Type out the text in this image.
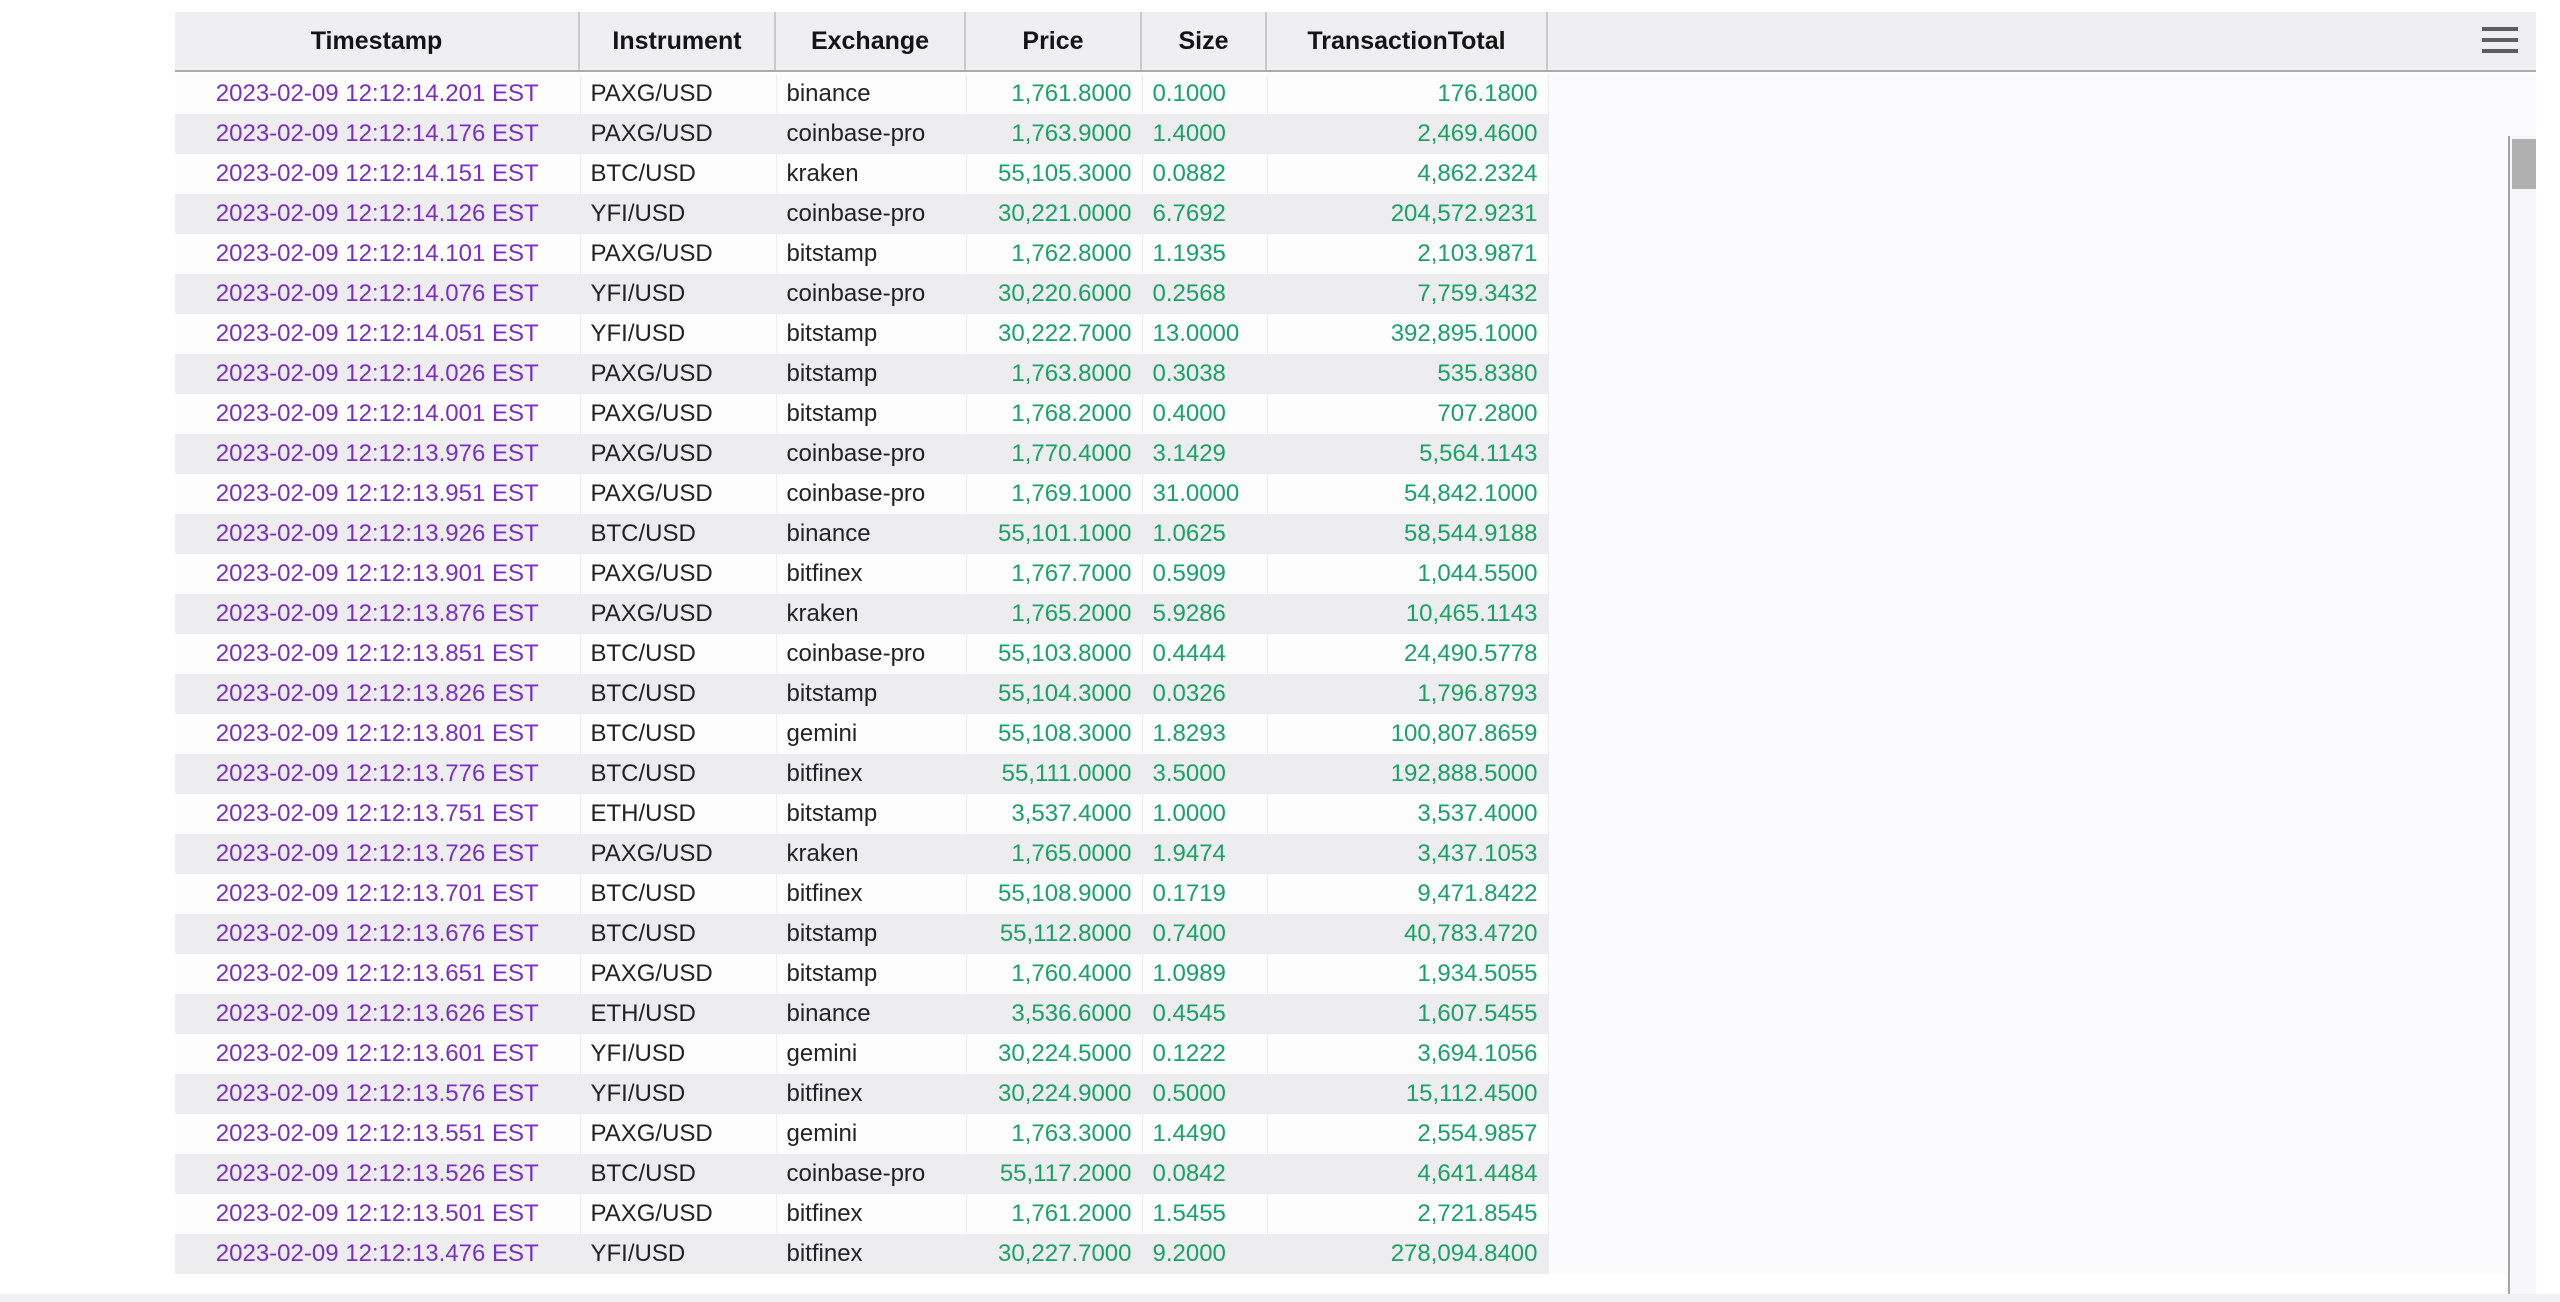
Timestamp	Instrument	Exchange	Price	Size	TransactionTotal
2023-02-09 12:12:14.201 EST	PAXG/USD	binance	1,761.8000	0.1000	176.1800
2023-02-09 12:12:14.176 EST	PAXG/USD	coinbase-pro	1,763.9000	1.4000	2,469.4600
2023-02-09 12:12:14.151 EST	BTC/USD	kraken	55,105.3000	0.0882	4,862.2324
2023-02-09 12:12:14.126 EST	YFI/USD	coinbase-pro	30,221.0000	6.7692	204,572.9231
2023-02-09 12:12:14.101 EST	PAXG/USD	bitstamp	1,762.8000	1.1935	2,103.9871
2023-02-09 12:12:14.076 EST	YFI/USD	coinbase-pro	30,220.6000	0.2568	7,759.3432
2023-02-09 12:12:14.051 EST	YFI/USD	bitstamp	30,222.7000	13.0000	392,895.1000
2023-02-09 12:12:14.026 EST	PAXG/USD	bitstamp	1,763.8000	0.3038	535.8380
2023-02-09 12:12:14.001 EST	PAXG/USD	bitstamp	1,768.2000	0.4000	707.2800
2023-02-09 12:12:13.976 EST	PAXG/USD	coinbase-pro	1,770.4000	3.1429	5,564.1143
2023-02-09 12:12:13.951 EST	PAXG/USD	coinbase-pro	1,769.1000	31.0000	54,842.1000
2023-02-09 12:12:13.926 EST	BTC/USD	binance	55,101.1000	1.0625	58,544.9188
2023-02-09 12:12:13.901 EST	PAXG/USD	bitfinex	1,767.7000	0.5909	1,044.5500
2023-02-09 12:12:13.876 EST	PAXG/USD	kraken	1,765.2000	5.9286	10,465.1143
2023-02-09 12:12:13.851 EST	BTC/USD	coinbase-pro	55,103.8000	0.4444	24,490.5778
2023-02-09 12:12:13.826 EST	BTC/USD	bitstamp	55,104.3000	0.0326	1,796.8793
2023-02-09 12:12:13.801 EST	BTC/USD	gemini	55,108.3000	1.8293	100,807.8659
2023-02-09 12:12:13.776 EST	BTC/USD	bitfinex	55,111.0000	3.5000	192,888.5000
2023-02-09 12:12:13.751 EST	ETH/USD	bitstamp	3,537.4000	1.0000	3,537.4000
2023-02-09 12:12:13.726 EST	PAXG/USD	kraken	1,765.0000	1.9474	3,437.1053
2023-02-09 12:12:13.701 EST	BTC/USD	bitfinex	55,108.9000	0.1719	9,471.8422
2023-02-09 12:12:13.676 EST	BTC/USD	bitstamp	55,112.8000	0.7400	40,783.4720
2023-02-09 12:12:13.651 EST	PAXG/USD	bitstamp	1,760.4000	1.0989	1,934.5055
2023-02-09 12:12:13.626 EST	ETH/USD	binance	3,536.6000	0.4545	1,607.5455
2023-02-09 12:12:13.601 EST	YFI/USD	gemini	30,224.5000	0.1222	3,694.1056
2023-02-09 12:12:13.576 EST	YFI/USD	bitfinex	30,224.9000	0.5000	15,112.4500
2023-02-09 12:12:13.551 EST	PAXG/USD	gemini	1,763.3000	1.4490	2,554.9857
2023-02-09 12:12:13.526 EST	BTC/USD	coinbase-pro	55,117.2000	0.0842	4,641.4484
2023-02-09 12:12:13.501 EST	PAXG/USD	bitfinex	1,761.2000	1.5455	2,721.8545
2023-02-09 12:12:13.476 EST	YFI/USD	bitfinex	30,227.7000	9.2000	278,094.8400
